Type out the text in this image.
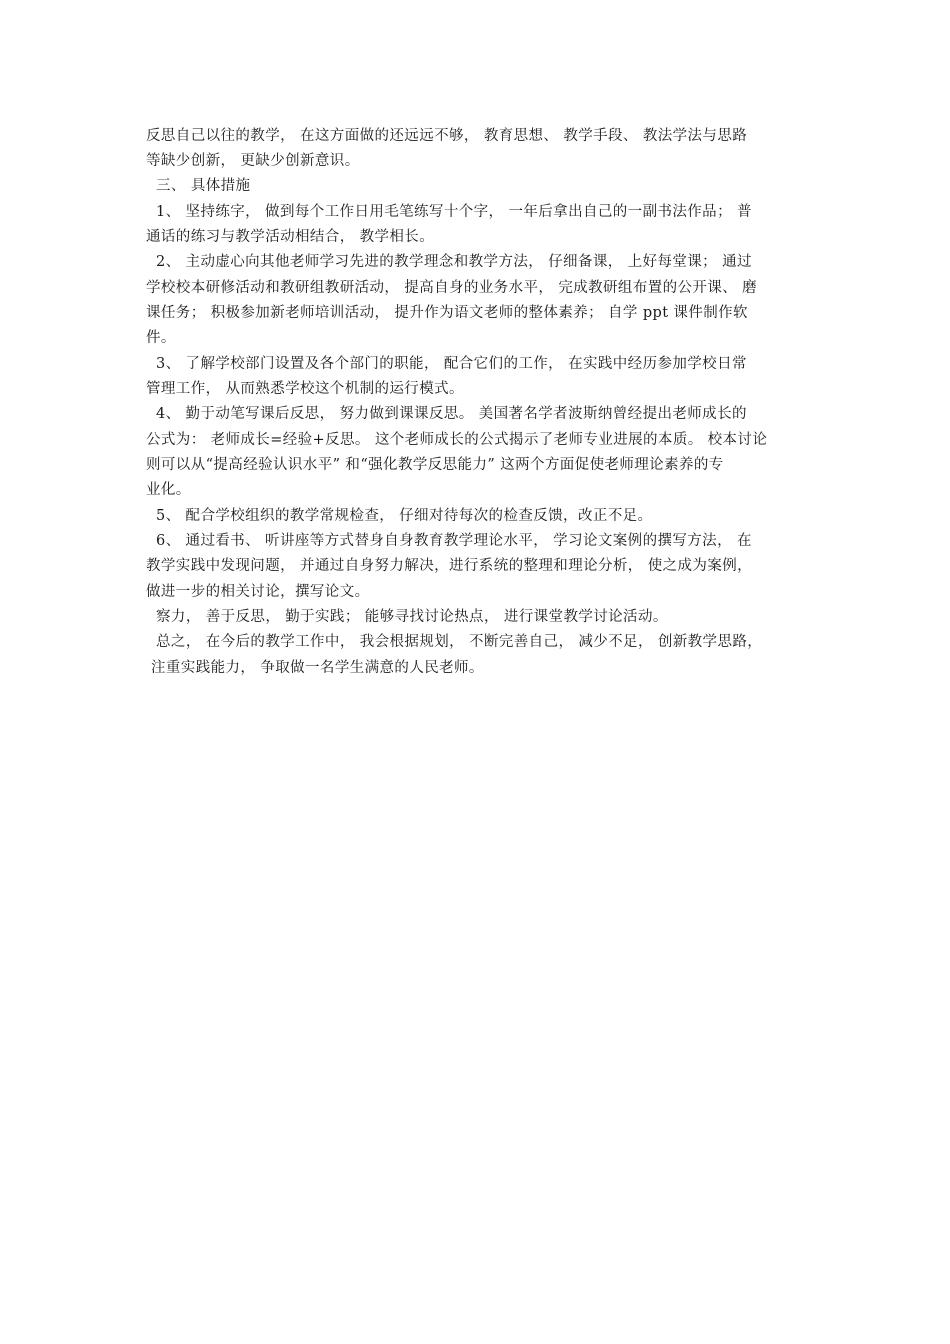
反思自己以往的教学， 在这方面做的还远远不够， 教育思想、 教学手段、 教法学法与思路
等缺少创新， 更缺少创新意识。
三、 具体措施
1、 坚持练字， 做到每个工作日用毛笔练写十个字， 一年后拿出自己的一副书法作品； 普
通话的练习与教学活动相结合， 教学相长。
2、 主动虚心向其他老师学习先进的教学理念和教学方法， 仔细备课， 上好每堂课； 通过
学校校本研修活动和教研组教研活动， 提高自身的业务水平， 完成教研组布置的公开课、 磨
课任务； 积极参加新老师培训活动， 提升作为语文老师的整体素养； 自学 ppt 课件制作软
件。
3、 了解学校部门设置及各个部门的职能， 配合它们的工作， 在实践中经历参加学校日常
管理工作， 从而熟悉学校这个机制的运行模式。
4、 勤于动笔写课后反思， 努力做到课课反思。 美国著名学者波斯纳曾经提出老师成长的
公式为： 老师成长=经验+反思。 这个老师成长的公式揭示了老师专业进展的本质。 校本讨论
则可以从“提高经验认识水平” 和“强化教学反思能力” 这两个方面促使老师理论素养的专
业化。
5、 配合学校组织的教学常规检查， 仔细对待每次的检查反馈，改正不足。
6、 通过看书、 听讲座等方式替身自身教育教学理论水平， 学习论文案例的撰写方法， 在
教学实践中发现问题， 并通过自身努力解决，进行系统的整理和理论分析， 使之成为案例，
做进一步的相关讨论，撰写论文。
察力， 善于反思， 勤于实践； 能够寻找讨论热点， 进行课堂教学讨论活动。
总之， 在今后的教学工作中， 我会根据规划， 不断完善自己， 减少不足， 创新教学思路，
注重实践能力， 争取做一名学生满意的人民老师。
